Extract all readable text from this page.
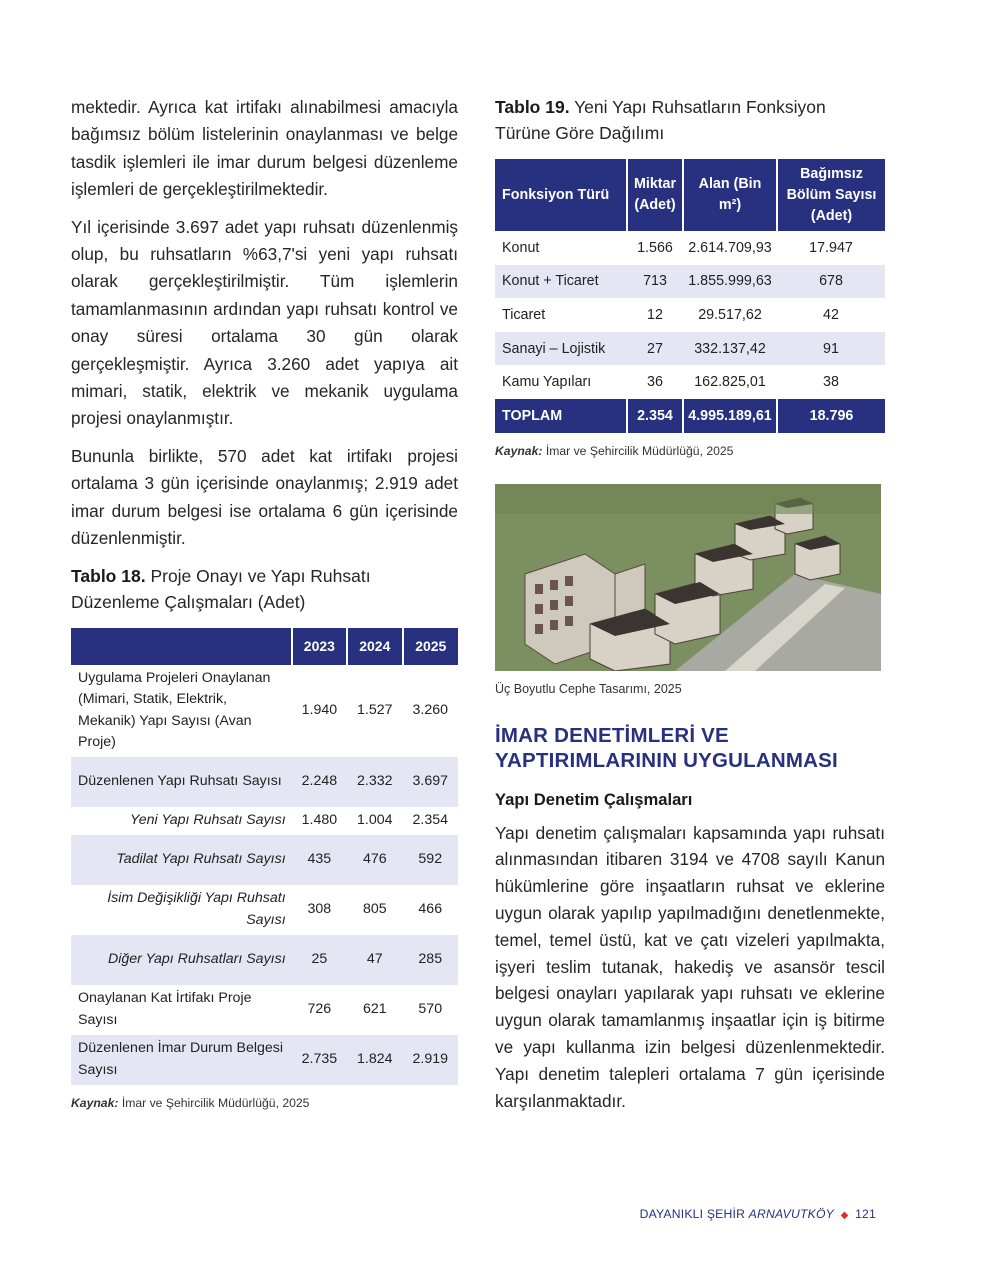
mektedir. Ayrıca kat irtifakı alınabilmesi amacıyla bağımsız bölüm listelerinin onaylanması ve belge tasdik işlemleri ile imar durum belgesi düzenleme işlemleri de gerçekleştirilmektedir.

Yıl içerisinde 3.697 adet yapı ruhsatı düzenlenmiş olup, bu ruhsatların %63,7'si yeni yapı ruhsatı olarak gerçekleştirilmiştir. Tüm işlemlerin tamamlanmasının ardından yapı ruhsatı kontrol ve onay süresi ortalama 30 gün olarak gerçekleşmiştir. Ayrıca 3.260 adet yapıya ait mimari, statik, elektrik ve mekanik uygulama projesi onaylanmıştır.

Bununla birlikte, 570 adet kat irtifakı projesi ortalama 3 gün içerisinde onaylanmış; 2.919 adet imar durum belgesi ise ortalama 6 gün içerisinde düzenlenmiştir.

Tablo 18. Proje Onayı ve Yapı Ruhsatı Düzenleme Çalışmaları (Adet)
	2023	2024	2025
Uygulama Projeleri Onaylanan (Mimari, Statik, Elektrik, Mekanik) Yapı Sayısı (Avan Proje)	1.940	1.527	3.260
Düzenlenen Yapı Ruhsatı Sayısı	2.248	2.332	3.697
Yeni Yapı Ruhsatı Sayısı	1.480	1.004	2.354
Tadilat Yapı Ruhsatı Sayısı	435	476	592
İsim Değişikliği Yapı Ruhsatı Sayısı	308	805	466
Diğer Yapı Ruhsatları Sayısı	25	47	285
Onaylanan Kat İrtifakı Proje Sayısı	726	621	570
Düzenlenen İmar Durum Belgesi Sayısı	2.735	1.824	2.919
Kaynak: İmar ve Şehircilik Müdürlüğü, 2025
Tablo 19. Yeni Yapı Ruhsatların Fonksiyon Türüne Göre Dağılımı
Fonksiyon Türü	Miktar (Adet)	Alan (Bin m²)	Bağımsız Bölüm Sayısı (Adet)
Konut	1.566	2.614.709,93	17.947
Konut + Ticaret	713	1.855.999,63	678
Ticaret	12	29.517,62	42
Sanayi – Lojistik	27	332.137,42	91
Kamu Yapıları	36	162.825,01	38
TOPLAM	2.354	4.995.189,61	18.796
Kaynak: İmar ve Şehircilik Müdürlüğü, 2025
Üç Boyutlu Cephe Tasarımı, 2025
İMAR DENETİMLERİ VE
YAPTIRIMLARININ UYGULANMASI
Yapı Denetim Çalışmaları

Yapı denetim çalışmaları kapsamında yapı ruhsatı alınmasından itibaren 3194 ve 4708 sayılı Kanun hükümlerine göre inşaatların ruhsat ve eklerine uygun olarak yapılıp yapılmadığını denetlenmekte, temel, temel üstü, kat ve çatı vizeleri yapılmakta, işyeri teslim tutanak, hakediş ve asansör tescil belgesi onayları yapılarak yapı ruhsatı ve eklerine uygun olarak tamamlanmış inşaatlar için iş bitirme ve yapı kullanma izin belgesi düzenlenmektedir. Yapı denetim talepleri ortalama 7 gün içerisinde karşılanmaktadır.

DAYANIKLI ŞEHİR ARNAVUTKÖY ◆ 121
